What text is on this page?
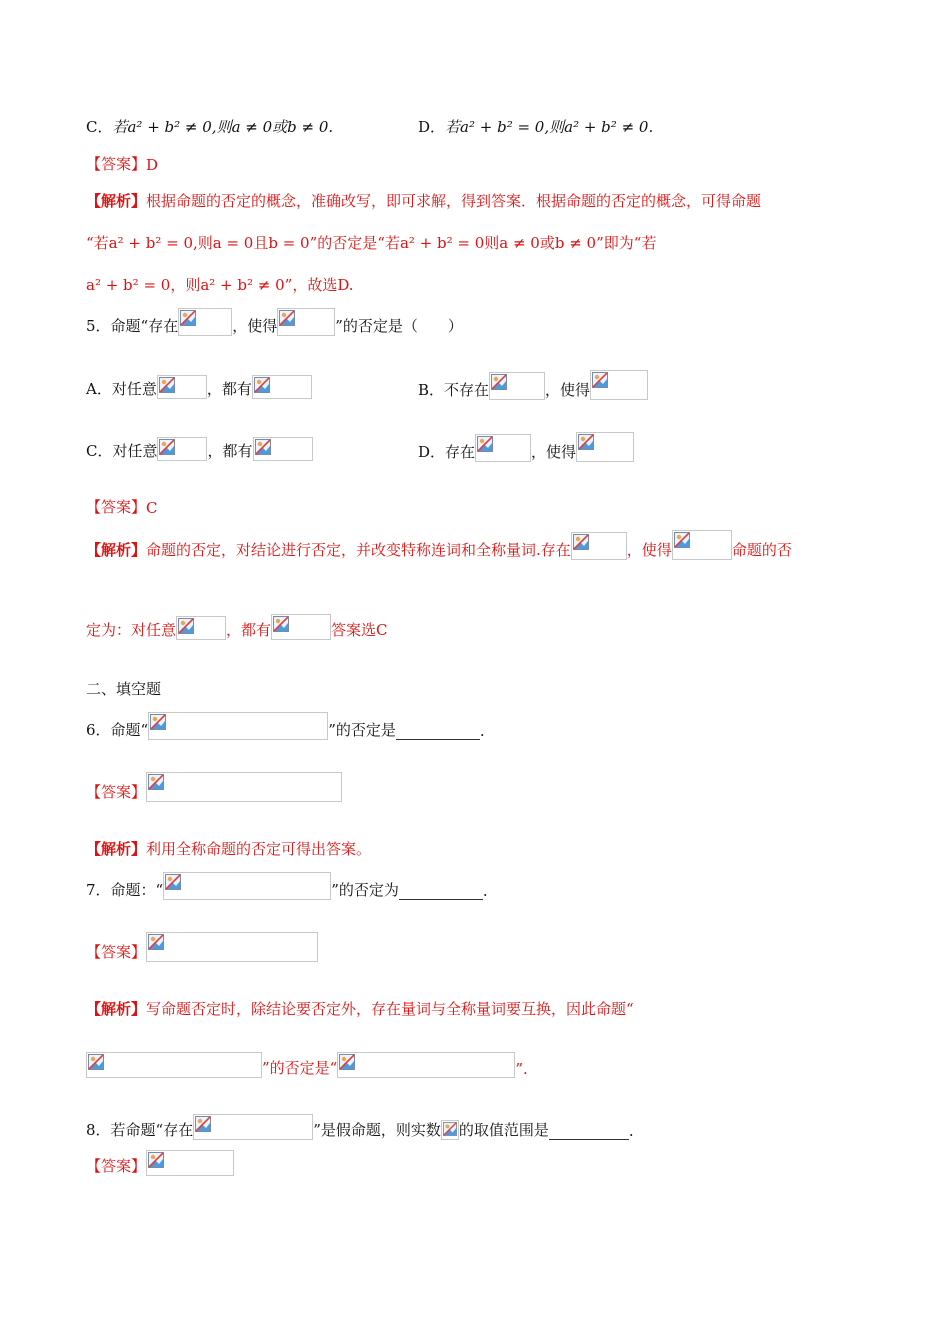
C． 若a² + b² ≠ 0,则a ≠ 0或b ≠ 0.	D． 若a² + b² = 0,则a² + b² ≠ 0.
【答案】 D
【解析】 根据命题的否定的概念，准确改写，即可求解，得到答案．根据命题的否定的概念，可得命题
“若a² + b² = 0,则a = 0且b = 0”的否定是“若a² + b² = 0则a ≠ 0或b ≠ 0”即为“若
a² + b² = 0，则a² + b² ≠ 0”，故选D.
5．命题“存在	，使得	”的否定是（　　）
A．对任意	，都有	B．不存在	，使得
C．对任意	，都有	D．存在	，使得
【答案】 C
【解析】 命题的否定，对结论进行否定，并改变特称连词和全称量词.存在	，使得	命题的否
定为：对任意	，都有	答案选C
二、填空题
6．命题“	”的否定是	.
【答案】
【解析】 利用全称命题的否定可得出答案。
7．命题：“	”的否定为	.
【答案】
【解析】 写命题否定时，除结论要否定外，存在量词与全称量词要互换，因此命题“
”的否定是“	”.
8．若命题“存在	”是假命题，则实数 的取值范围是	.
【答案】
